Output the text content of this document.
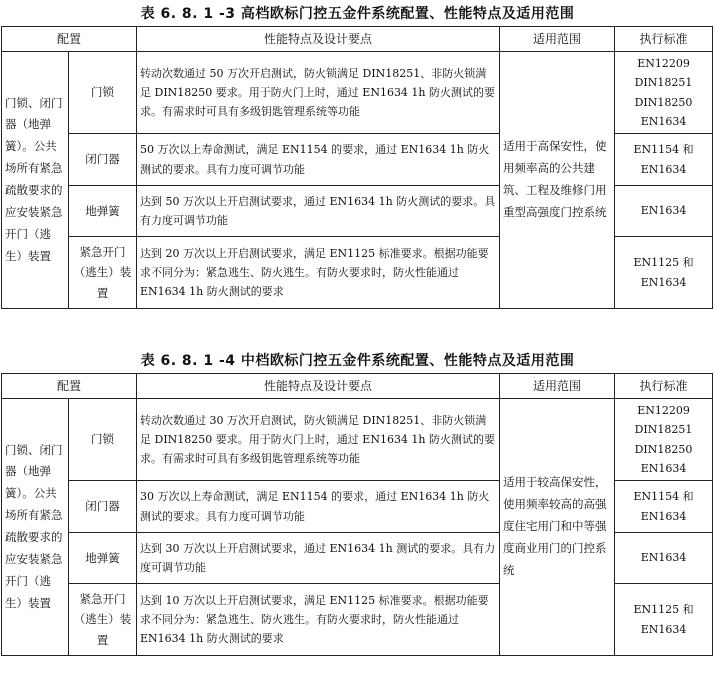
表 6. 8. 1 -3 高档欧标门控五金件系统配置、性能特点及适用范围
配置		性能特点及设计要点	适用范围	执行标准
门锁、闭门器（地弹簧）。公共场所有紧急疏散要求的应安装紧急开门（逃生）装置	门锁	转动次数通过 50 万次开启测试，防火锁满足 DIN18251、非防火锁满足 DIN18250 要求。用于防火门上时，通过 EN1634 1h 防火测试的要求。有需求时可具有多级钥匙管理系统等功能	适用于高保安性，使用频率高的公共建筑、工程及维修门用重型高强度门控系统	EN12209
DIN18251
DIN18250
EN1634

	闭门器	50 万次以上寿命测试，满足 EN1154 的要求，通过 EN1634 1h 防火测试的要求。具有力度可调节功能		EN1154 和
EN1634

	地弹簧	达到 50 万次以上开启测试要求，通过 EN1634 1h 防火测试的要求。具有力度可调节功能		EN1634

	紧急开门（逃生）装置	达到 20 万次以上开启测试要求，满足 EN1125 标准要求。根据功能要求不同分为：紧急逃生、防火逃生。有防火要求时，防火性能通过 EN1634 1h 防火测试的要求		EN1125 和
EN1634
表 6. 8. 1 -4 中档欧标门控五金件系统配置、性能特点及适用范围
配置		性能特点及设计要点	适用范围	执行标准
门锁、闭门器（地弹簧）。公共场所有紧急疏散要求的应安装紧急开门（逃生）装置	门锁	转动次数通过 30 万次开启测试，防火锁满足 DIN18251、非防火锁满足 DIN18250 要求。用于防火门上时，通过 EN1634 1h 防火测试的要求。有需求时可具有多级钥匙管理系统等功能	适用于较高保安性，使用频率较高的高强度住宅用门和中等强度商业用门的门控系统	EN12209
DIN18251
DIN18250
EN1634

	闭门器	30 万次以上寿命测试，满足 EN1154 的要求，通过 EN1634 1h 防火测试的要求。具有力度可调节功能		EN1154 和
EN1634

	地弹簧	达到 30 万次以上开启测试要求，通过 EN1634 1h 测试的要求。具有力度可调节功能		EN1634

	紧急开门（逃生）装置	达到 10 万次以上开启测试要求，满足 EN1125 标准要求。根据功能要求不同分为：紧急逃生、防火逃生。有防火要求时，防火性能通过 EN1634 1h 防火测试的要求		EN1125 和
EN1634
